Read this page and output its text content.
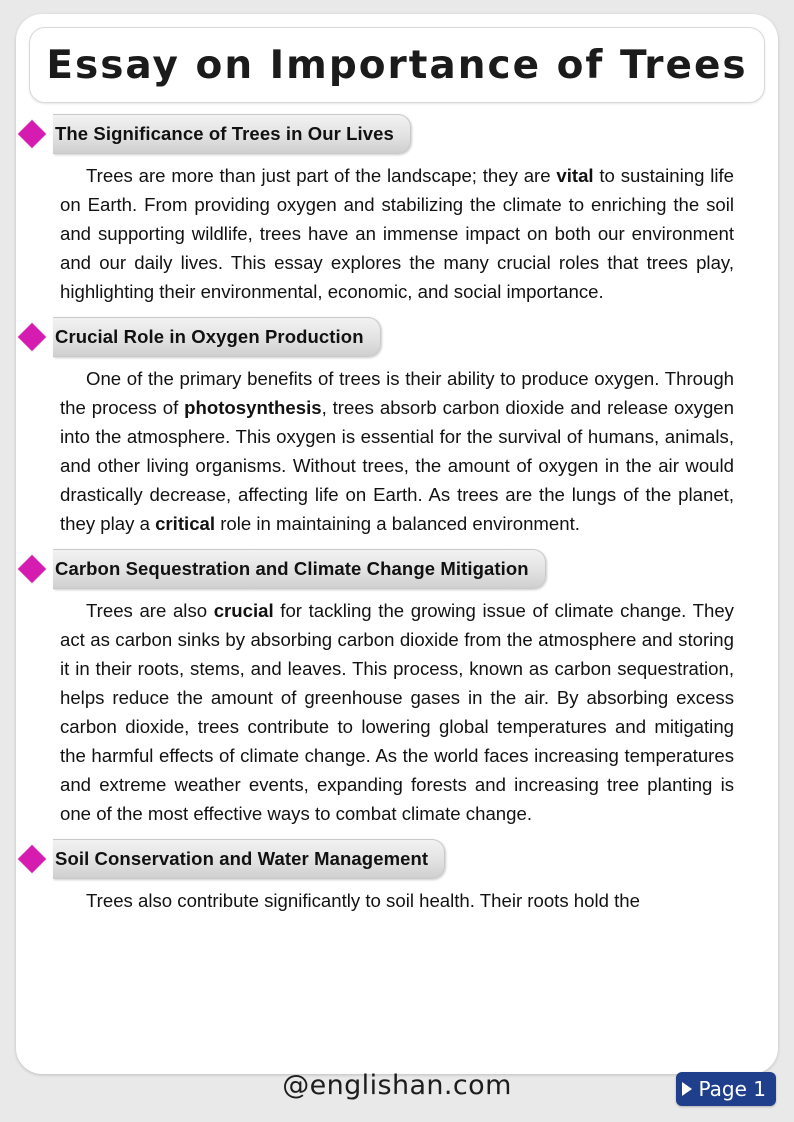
Essay on Importance of Trees
The Significance of Trees in Our Lives
Trees are more than just part of the landscape; they are vital to sustaining life on Earth. From providing oxygen and stabilizing the climate to enriching the soil and supporting wildlife, trees have an immense impact on both our environment and our daily lives. This essay explores the many crucial roles that trees play, highlighting their environmental, economic, and social importance.
Crucial Role in Oxygen Production
One of the primary benefits of trees is their ability to produce oxygen. Through the process of photosynthesis, trees absorb carbon dioxide and release oxygen into the atmosphere. This oxygen is essential for the survival of humans, animals, and other living organisms. Without trees, the amount of oxygen in the air would drastically decrease, affecting life on Earth. As trees are the lungs of the planet, they play a critical role in maintaining a balanced environment.
Carbon Sequestration and Climate Change Mitigation
Trees are also crucial for tackling the growing issue of climate change. They act as carbon sinks by absorbing carbon dioxide from the atmosphere and storing it in their roots, stems, and leaves. This process, known as carbon sequestration, helps reduce the amount of greenhouse gases in the air. By absorbing excess carbon dioxide, trees contribute to lowering global temperatures and mitigating the harmful effects of climate change. As the world faces increasing temperatures and extreme weather events, expanding forests and increasing tree planting is one of the most effective ways to combat climate change.
Soil Conservation and Water Management
Trees also contribute significantly to soil health. Their roots hold the
@englishan.com	Page 1
